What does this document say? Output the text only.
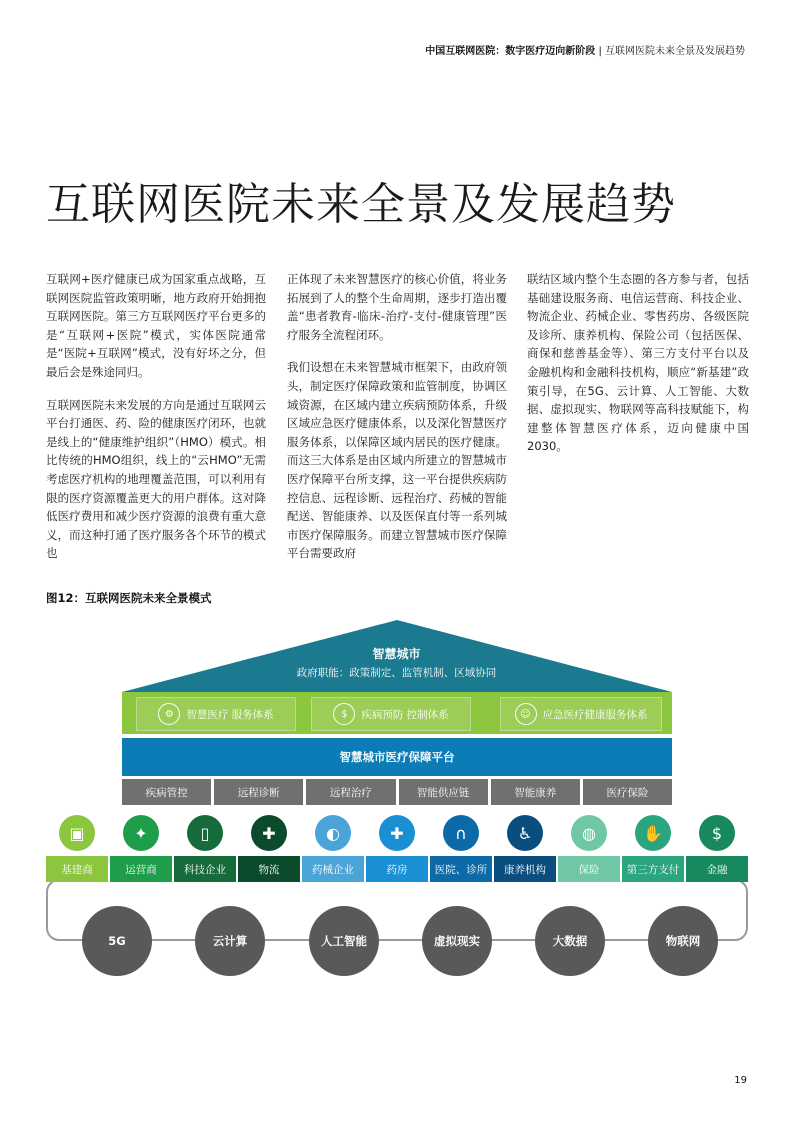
中国互联网医院：数字医疗迈向新阶段 | 互联网医院未来全景及发展趋势
互联网医院未来全景及发展趋势

互联网+医疗健康已成为国家重点战略，互联网医院监管政策明晰，地方政府开始拥抱互联网医院。第三方互联网医疗平台更多的是“互联网+医院”模式，实体医院通常是“医院+互联网”模式，没有好坏之分，但最后会是殊途同归。

互联网医院未来发展的方向是通过互联网云平台打通医、药、险的健康医疗闭环，也就是线上的“健康维护组织”（HMO）模式。相比传统的HMO组织，线上的“云HMO”无需考虑医疗机构的地理覆盖范围，可以利用有限的医疗资源覆盖更大的用户群体。这对降低医疗费用和减少医疗资源的浪费有重大意义，而这种打通了医疗服务各个环节的模式也

正体现了未来智慧医疗的核心价值，将业务拓展到了人的整个生命周期，逐步打造出覆盖“患者教育-临床-治疗-支付-健康管理”医疗服务全流程闭环。

我们设想在未来智慧城市框架下，由政府领头，制定医疗保障政策和监管制度，协调区域资源，在区域内建立疾病预防体系，升级区域应急医疗健康体系，以及深化智慧医疗服务体系，以保障区域内居民的医疗健康。而这三大体系是由区域内所建立的智慧城市医疗保障平台所支撑，这一平台提供疾病防控信息、远程诊断、远程治疗、药械的智能配送、智能康养、以及医保直付等一系列城市医疗保障服务。而建立智慧城市医疗保障平台需要政府

联结区域内整个生态圈的各方参与者，包括基础建设服务商、电信运营商、科技企业、物流企业、药械企业、零售药房、各级医院及诊所、康养机构、保险公司（包括医保、商保和慈善基金等）、第三方支付平台以及金融机构和金融科技机构，顺应“新基建”政策引导，在5G、云计算、人工智能、大数据、虚拟现实、物联网等高科技赋能下，构建整体智慧医疗体系，迈向健康中国2030。

图12：互联网医院未来全景模式
智慧城市
政府职能：政策制定、监管机制、区域协同
⚙	智慧医疗 服务体系	$	疾病预防 控制体系	☺	应急医疗健康服务体系
智慧城市医疗保障平台
疾病管控	远程诊断	远程治疗	智能供应链	智能康养	医疗保险
▣	✦	▯	✚	◐	✚	∩	♿	◍	✋	$
基建商	运营商	科技企业	物流	药械企业	药房	医院、诊所	康养机构	保险	第三方支付	金融
5G	云计算	人工智能	虚拟现实	大数据	物联网
19
